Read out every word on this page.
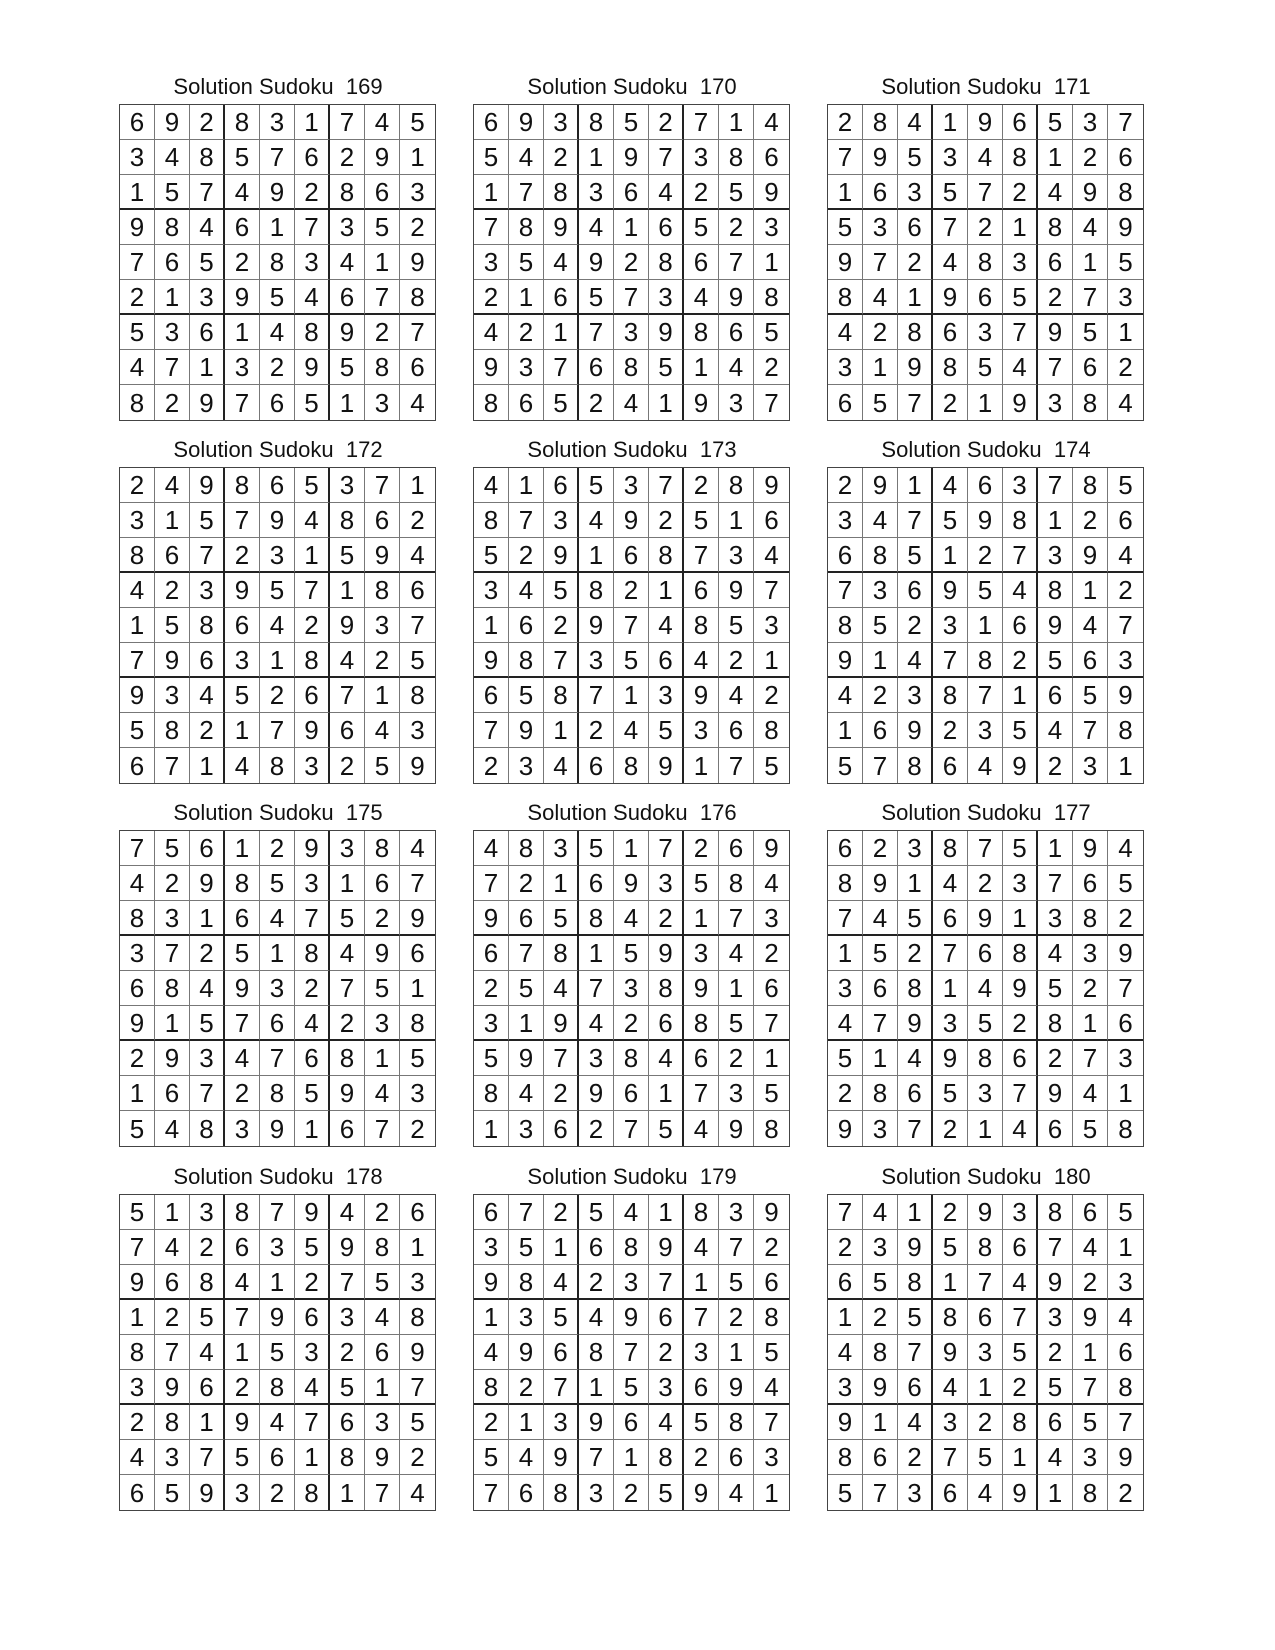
Solution Sudoku  169
6 9 2 8 3 1 7 4 5
3 4 8 5 7 6 2 9 1
1 5 7 4 9 2 8 6 3
9 8 4 6 1 7 3 5 2
7 6 5 2 8 3 4 1 9
2 1 3 9 5 4 6 7 8
5 3 6 1 4 8 9 2 7
4 7 1 3 2 9 5 8 6
8 2 9 7 6 5 1 3 4
Solution Sudoku  170
6 9 3 8 5 2 7 1 4
5 4 2 1 9 7 3 8 6
1 7 8 3 6 4 2 5 9
7 8 9 4 1 6 5 2 3
3 5 4 9 2 8 6 7 1
2 1 6 5 7 3 4 9 8
4 2 1 7 3 9 8 6 5
9 3 7 6 8 5 1 4 2
8 6 5 2 4 1 9 3 7
Solution Sudoku  171
2 8 4 1 9 6 5 3 7
7 9 5 3 4 8 1 2 6
1 6 3 5 7 2 4 9 8
5 3 6 7 2 1 8 4 9
9 7 2 4 8 3 6 1 5
8 4 1 9 6 5 2 7 3
4 2 8 6 3 7 9 5 1
3 1 9 8 5 4 7 6 2
6 5 7 2 1 9 3 8 4
Solution Sudoku  172
2 4 9 8 6 5 3 7 1
3 1 5 7 9 4 8 6 2
8 6 7 2 3 1 5 9 4
4 2 3 9 5 7 1 8 6
1 5 8 6 4 2 9 3 7
7 9 6 3 1 8 4 2 5
9 3 4 5 2 6 7 1 8
5 8 2 1 7 9 6 4 3
6 7 1 4 8 3 2 5 9
Solution Sudoku  173
4 1 6 5 3 7 2 8 9
8 7 3 4 9 2 5 1 6
5 2 9 1 6 8 7 3 4
3 4 5 8 2 1 6 9 7
1 6 2 9 7 4 8 5 3
9 8 7 3 5 6 4 2 1
6 5 8 7 1 3 9 4 2
7 9 1 2 4 5 3 6 8
2 3 4 6 8 9 1 7 5
Solution Sudoku  174
2 9 1 4 6 3 7 8 5
3 4 7 5 9 8 1 2 6
6 8 5 1 2 7 3 9 4
7 3 6 9 5 4 8 1 2
8 5 2 3 1 6 9 4 7
9 1 4 7 8 2 5 6 3
4 2 3 8 7 1 6 5 9
1 6 9 2 3 5 4 7 8
5 7 8 6 4 9 2 3 1
Solution Sudoku  175
7 5 6 1 2 9 3 8 4
4 2 9 8 5 3 1 6 7
8 3 1 6 4 7 5 2 9
3 7 2 5 1 8 4 9 6
6 8 4 9 3 2 7 5 1
9 1 5 7 6 4 2 3 8
2 9 3 4 7 6 8 1 5
1 6 7 2 8 5 9 4 3
5 4 8 3 9 1 6 7 2
Solution Sudoku  176
4 8 3 5 1 7 2 6 9
7 2 1 6 9 3 5 8 4
9 6 5 8 4 2 1 7 3
6 7 8 1 5 9 3 4 2
2 5 4 7 3 8 9 1 6
3 1 9 4 2 6 8 5 7
5 9 7 3 8 4 6 2 1
8 4 2 9 6 1 7 3 5
1 3 6 2 7 5 4 9 8
Solution Sudoku  177
6 2 3 8 7 5 1 9 4
8 9 1 4 2 3 7 6 5
7 4 5 6 9 1 3 8 2
1 5 2 7 6 8 4 3 9
3 6 8 1 4 9 5 2 7
4 7 9 3 5 2 8 1 6
5 1 4 9 8 6 2 7 3
2 8 6 5 3 7 9 4 1
9 3 7 2 1 4 6 5 8
Solution Sudoku  178
5 1 3 8 7 9 4 2 6
7 4 2 6 3 5 9 8 1
9 6 8 4 1 2 7 5 3
1 2 5 7 9 6 3 4 8
8 7 4 1 5 3 2 6 9
3 9 6 2 8 4 5 1 7
2 8 1 9 4 7 6 3 5
4 3 7 5 6 1 8 9 2
6 5 9 3 2 8 1 7 4
Solution Sudoku  179
6 7 2 5 4 1 8 3 9
3 5 1 6 8 9 4 7 2
9 8 4 2 3 7 1 5 6
1 3 5 4 9 6 7 2 8
4 9 6 8 7 2 3 1 5
8 2 7 1 5 3 6 9 4
2 1 3 9 6 4 5 8 7
5 4 9 7 1 8 2 6 3
7 6 8 3 2 5 9 4 1
Solution Sudoku  180
7 4 1 2 9 3 8 6 5
2 3 9 5 8 6 7 4 1
6 5 8 1 7 4 9 2 3
1 2 5 8 6 7 3 9 4
4 8 7 9 3 5 2 1 6
3 9 6 4 1 2 5 7 8
9 1 4 3 2 8 6 5 7
8 6 2 7 5 1 4 3 9
5 7 3 6 4 9 1 8 2
